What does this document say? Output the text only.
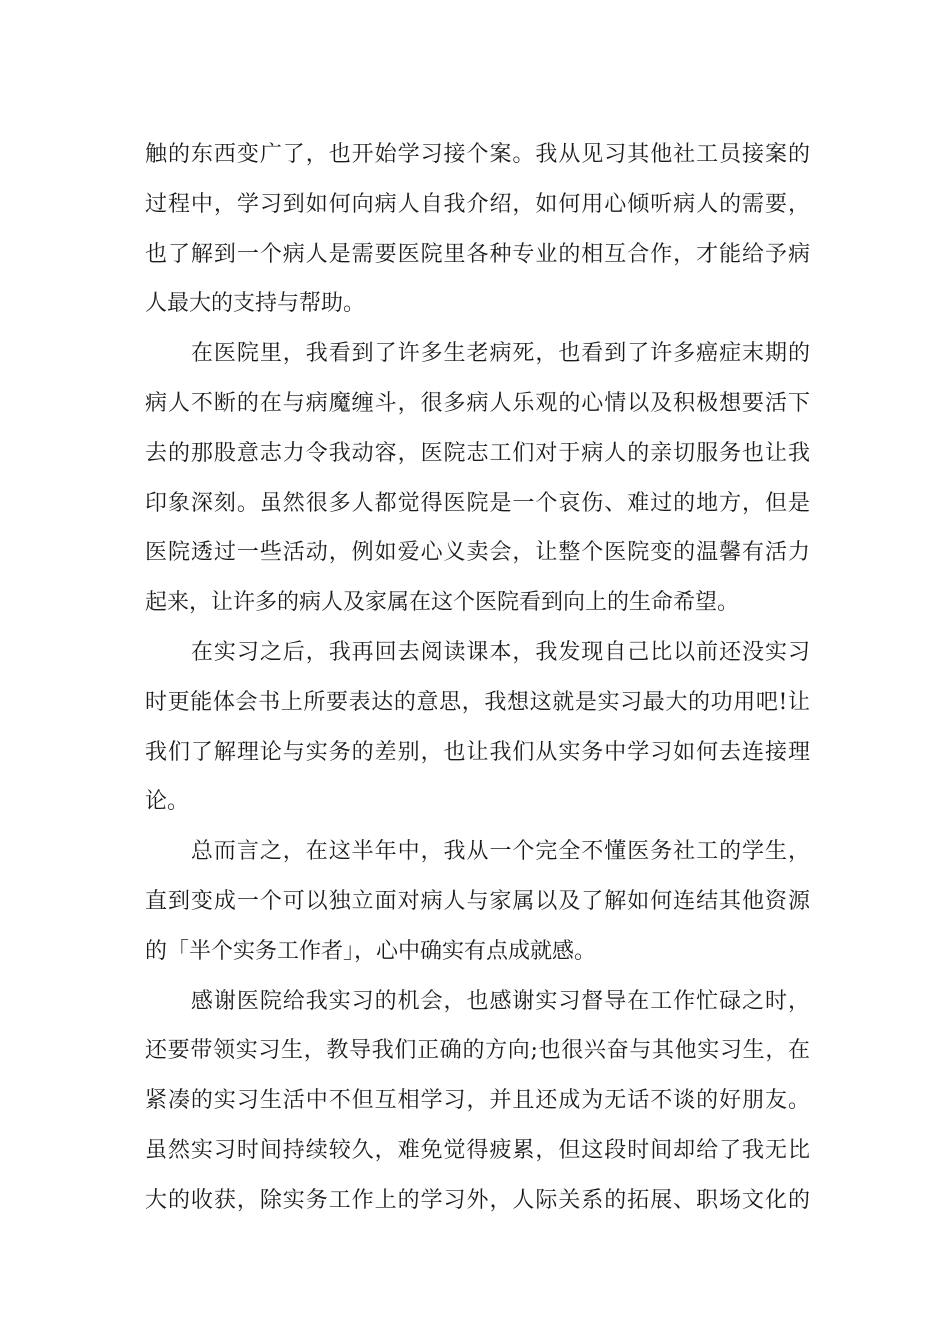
触的东西变广了，也开始学习接个案。我从见习其他社工员接案的
过程中，学习到如何向病人自我介绍，如何用心倾听病人的需要，
也了解到一个病人是需要医院里各种专业的相互合作，才能给予病
人最大的支持与帮助。
　　在医院里，我看到了许多生老病死，也看到了许多癌症末期的
病人不断的在与病魔缠斗，很多病人乐观的心情以及积极想要活下
去的那股意志力令我动容，医院志工们对于病人的亲切服务也让我
印象深刻。虽然很多人都觉得医院是一个哀伤、难过的地方，但是
医院透过一些活动，例如爱心义卖会，让整个医院变的温馨有活力
起来，让许多的病人及家属在这个医院看到向上的生命希望。
　　在实习之后，我再回去阅读课本，我发现自己比以前还没实习
时更能体会书上所要表达的意思，我想这就是实习最大的功用吧!让
我们了解理论与实务的差别，也让我们从实务中学习如何去连接理
论。
　　总而言之，在这半年中，我从一个完全不懂医务社工的学生，
直到变成一个可以独立面对病人与家属以及了解如何连结其他资源
的「半个实务工作者」，心中确实有点成就感。
　　感谢医院给我实习的机会，也感谢实习督导在工作忙碌之时，
还要带领实习生，教导我们正确的方向;也很兴奋与其他实习生，在
紧凑的实习生活中不但互相学习，并且还成为无话不谈的好朋友。
虽然实习时间持续较久，难免觉得疲累，但这段时间却给了我无比
大的收获，除实务工作上的学习外，人际关系的拓展、职场文化的
